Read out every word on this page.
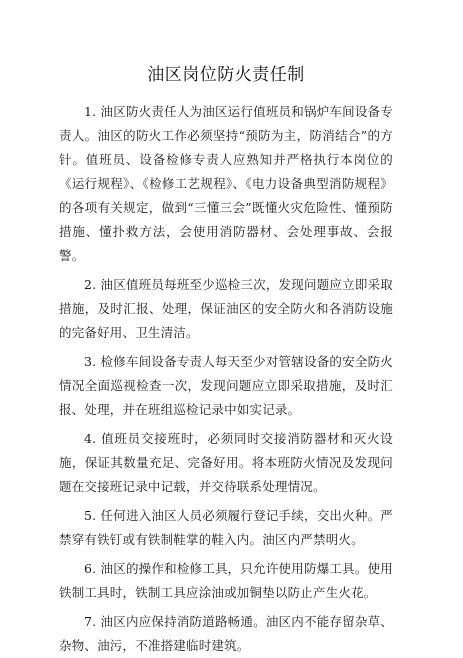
油区岗位防火责任制

1. 油区防火责任人为油区运行值班员和锅炉车间设备专责人。油区的防火工作必须坚持“预防为主，防消结合”的方针。值班员、设备检修专责人应熟知并严格执行本岗位的《运行规程》、《检修工艺规程》、《电力设备典型消防规程》的各项有关规定，做到“三懂三会”既懂火灾危险性、懂预防措施、懂扑救方法，会使用消防器材、会处理事故、会报警。

2. 油区值班员每班至少巡检三次，发现问题应立即采取措施，及时汇报、处理，保证油区的安全防火和各消防设施的完备好用、卫生清洁。

3. 检修车间设备专责人每天至少对管辖设备的安全防火情况全面巡视检查一次，发现问题应立即采取措施，及时汇报、处理，并在班组巡检记录中如实记录。

4. 值班员交接班时，必须同时交接消防器材和灭火设施，保证其数量充足、完备好用。将本班防火情况及发现问题在交接班记录中记载，并交待联系处理情况。

5. 任何进入油区人员必须履行登记手续，交出火种。严禁穿有铁钉或有铁制鞋掌的鞋入内。油区内严禁明火。

6. 油区的操作和检修工具，只允许使用防爆工具。使用铁制工具时，铁制工具应涂油或加铜垫以防止产生火花。

7. 油区内应保持消防道路畅通。油区内不能存留杂草、杂物、油污，不准搭建临时建筑。
